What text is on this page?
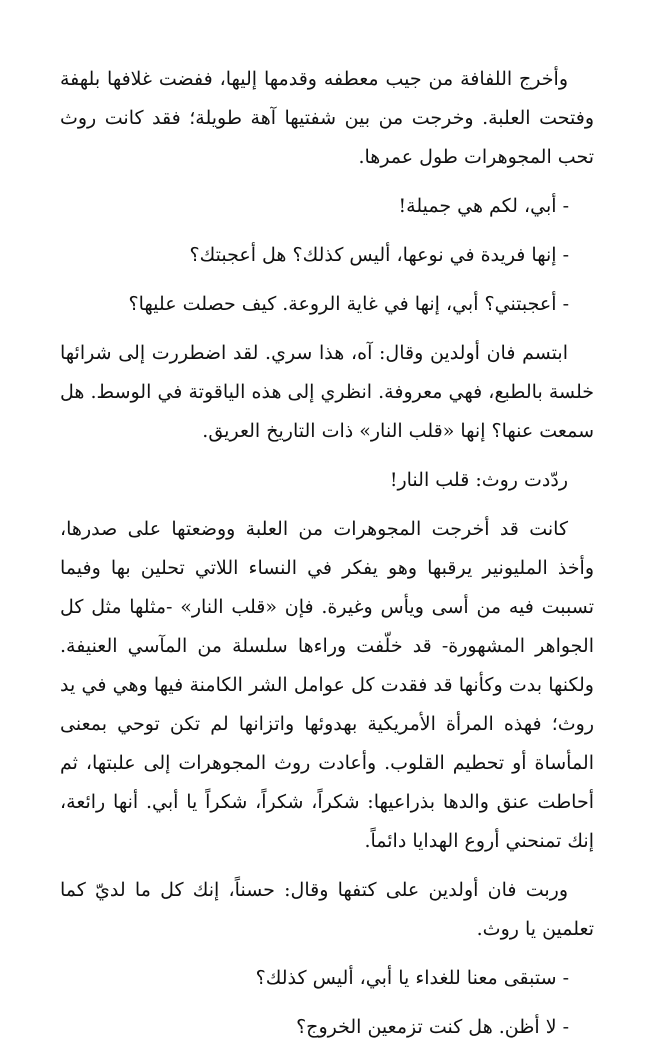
وأخرج اللفافة من جيب معطفه وقدمها إليها، ففضت غلافها بلهفة وفتحت العلبة. وخرجت من بين شفتيها آهة طويلة؛ فقد كانت روث تحب المجوهرات طول عمرها.

- أبي، لكم هي جميلة!

- إنها فريدة في نوعها، أليس كذلك؟ هل أعجبتك؟

- أعجبتني؟ أبي، إنها في غاية الروعة. كيف حصلت عليها؟

ابتسم فان أولدين وقال: آه، هذا سري. لقد اضطررت إلى شرائها خلسة بالطبع، فهي معروفة. انظري إلى هذه الياقوتة في الوسط. هل سمعت عنها؟ إنها «قلب النار» ذات التاريخ العريق.

ردّدت روث: قلب النار!

كانت قد أخرجت المجوهرات من العلبة ووضعتها على صدرها، وأخذ المليونير يرقبها وهو يفكر في النساء اللاتي تحلين بها وفيما تسببت فيه من أسى ويأس وغيرة. فإن «قلب النار» -مثلها مثل كل الجواهر المشهورة- قد خلّفت وراءها سلسلة من المآسي العنيفة. ولكنها بدت وكأنها قد فقدت كل عوامل الشر الكامنة فيها وهي في يد روث؛ فهذه المرأة الأمريكية بهدوئها واتزانها لم تكن توحي بمعنى المأساة أو تحطيم القلوب. وأعادت روث المجوهرات إلى علبتها، ثم أحاطت عنق والدها بذراعيها: شكراً، شكراً، شكراً يا أبي. أنها رائعة، إنك تمنحني أروع الهدايا دائماً.

وربت فان أولدين على كتفها وقال: حسناً، إنك كل ما لديّ كما تعلمين يا روث.

- ستبقى معنا للغداء يا أبي، أليس كذلك؟

- لا أظن. هل كنت تزمعين الخروج؟
